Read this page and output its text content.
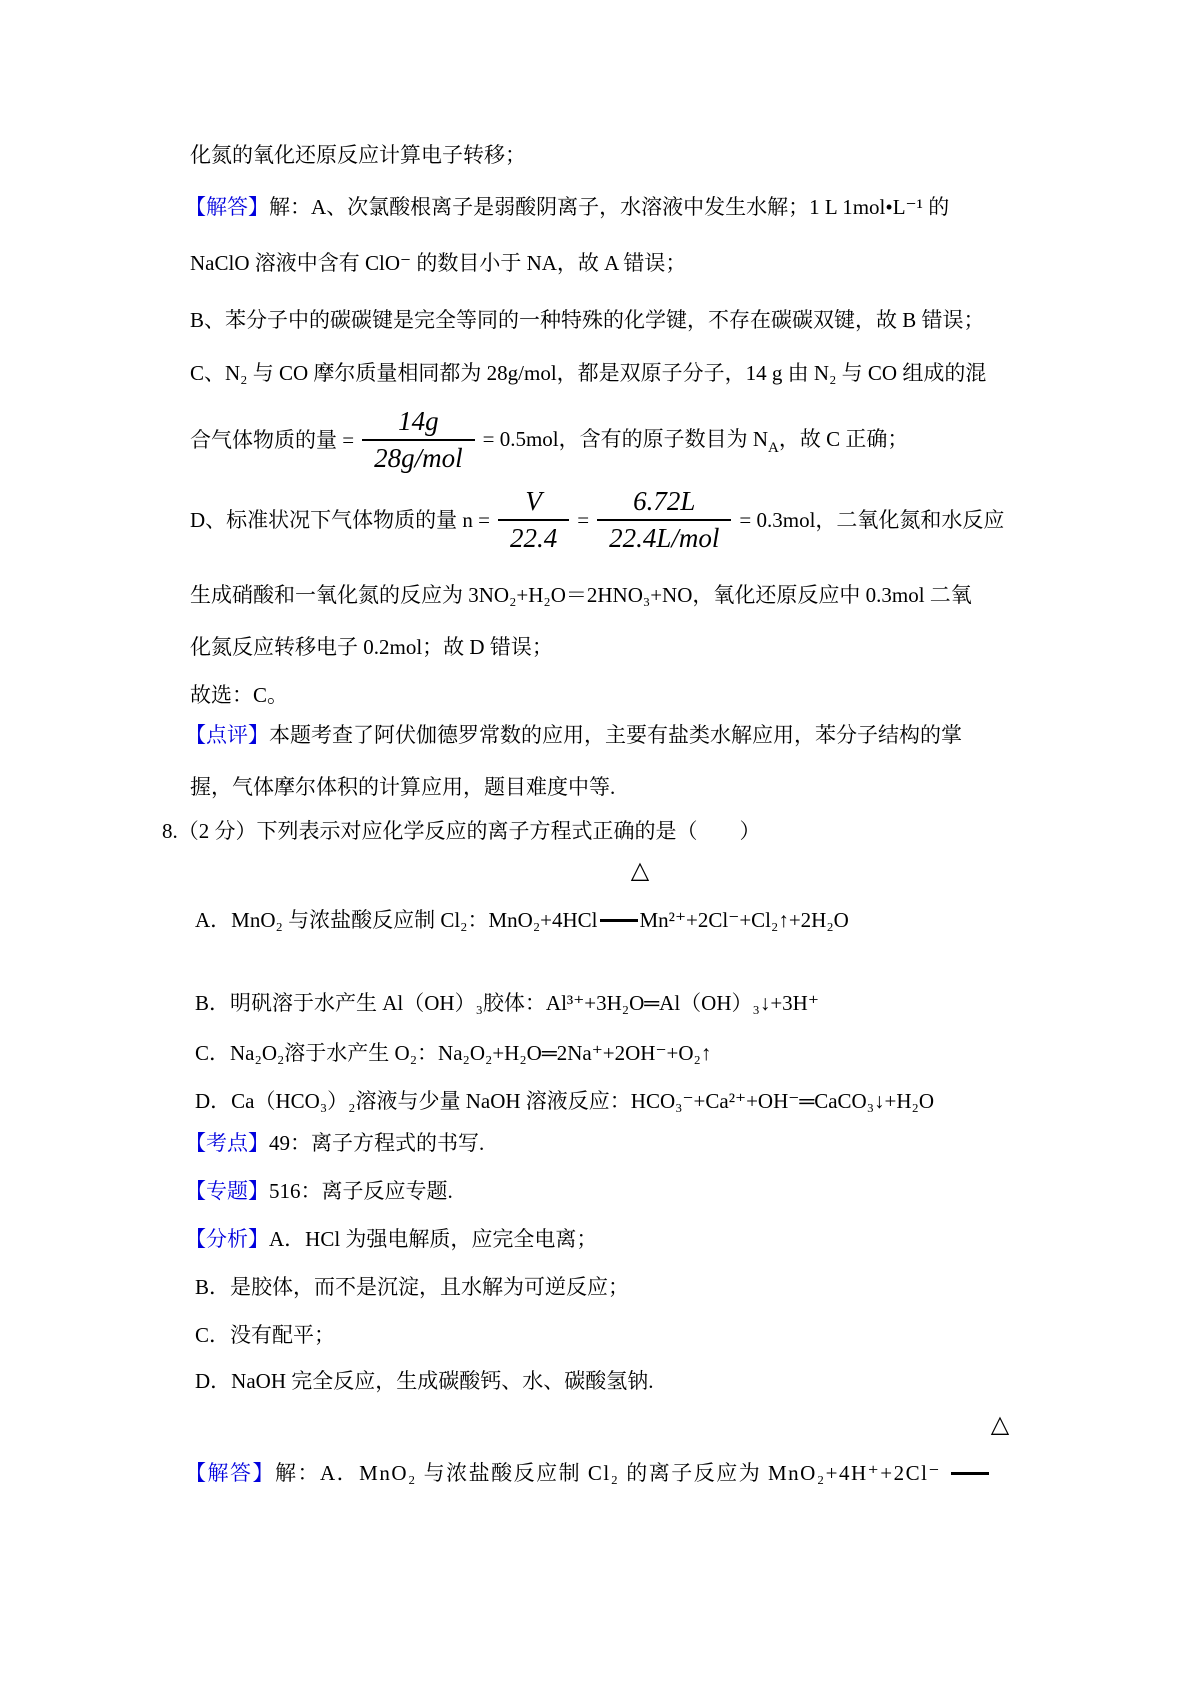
化氮的氧化还原反应计算电子转移；

【解答】解：A、次氯酸根离子是弱酸阴离子，水溶液中发生水解；1 L 1mol•L⁻¹ 的

NaClO 溶液中含有 ClO⁻ 的数目小于 NA，故 A 错误；

B、苯分子中的碳碳键是完全等同的一种特殊的化学键，不存在碳碳双键，故 B 错误；

C、N₂ 与 CO 摩尔质量相同都为 28g/mol，都是双原子分子，14 g 由 N₂ 与 CO 组成的混

合气体物质的量 = $\frac{14g}{\text{28g/mol}} = 0.5mol$，含有的原子数目为 $N_A$，故 C 正确；
D、标准状况下气体物质的量 $n = \frac{V}{22.4} = \frac{6.72L}{\text{22.4L/mol}} = 0.3mol$，二氧化氮和水反应

生成硝酸和一氧化氮的反应为 3NO₂+H₂O＝2HNO₃+NO，氧化还原反应中 0.3mol 二氧

化氮反应转移电子 0.2mol；故 D 错误；

故选：C。

【点评】本题考查了阿伏伽德罗常数的应用，主要有盐类水解应用，苯分子结构的掌

握，气体摩尔体积的计算应用，题目难度中等.

8.（2 分）下列表示对应化学反应的离子方程式正确的是（　　）

△

A．MnO₂ 与浓盐酸反应制 Cl₂：MnO₂+4HCl Mn²⁺+2Cl⁻+Cl₂↑+2H₂O

B．明矾溶于水产生 Al（OH）₃胶体：Al³⁺+3H₂O═Al（OH）₃↓+3H⁺

C．Na₂O₂溶于水产生 O₂：Na₂O₂+H₂O═2Na⁺+2OH⁻+O₂↑

D．Ca（HCO₃）₂溶液与少量 NaOH 溶液反应：HCO₃⁻+Ca²⁺+OH⁻═CaCO₃↓+H₂O

【考点】49：离子方程式的书写.

【专题】516：离子反应专题.

【分析】A．HCl 为强电解质，应完全电离；

B．是胶体，而不是沉淀，且水解为可逆反应；

C．没有配平；

D．NaOH 完全反应，生成碳酸钙、水、碳酸氢钠.

△

【解答】解：A．MnO₂ 与浓盐酸反应制 Cl₂ 的离子反应为 MnO₂+4H⁺+2Cl⁻
